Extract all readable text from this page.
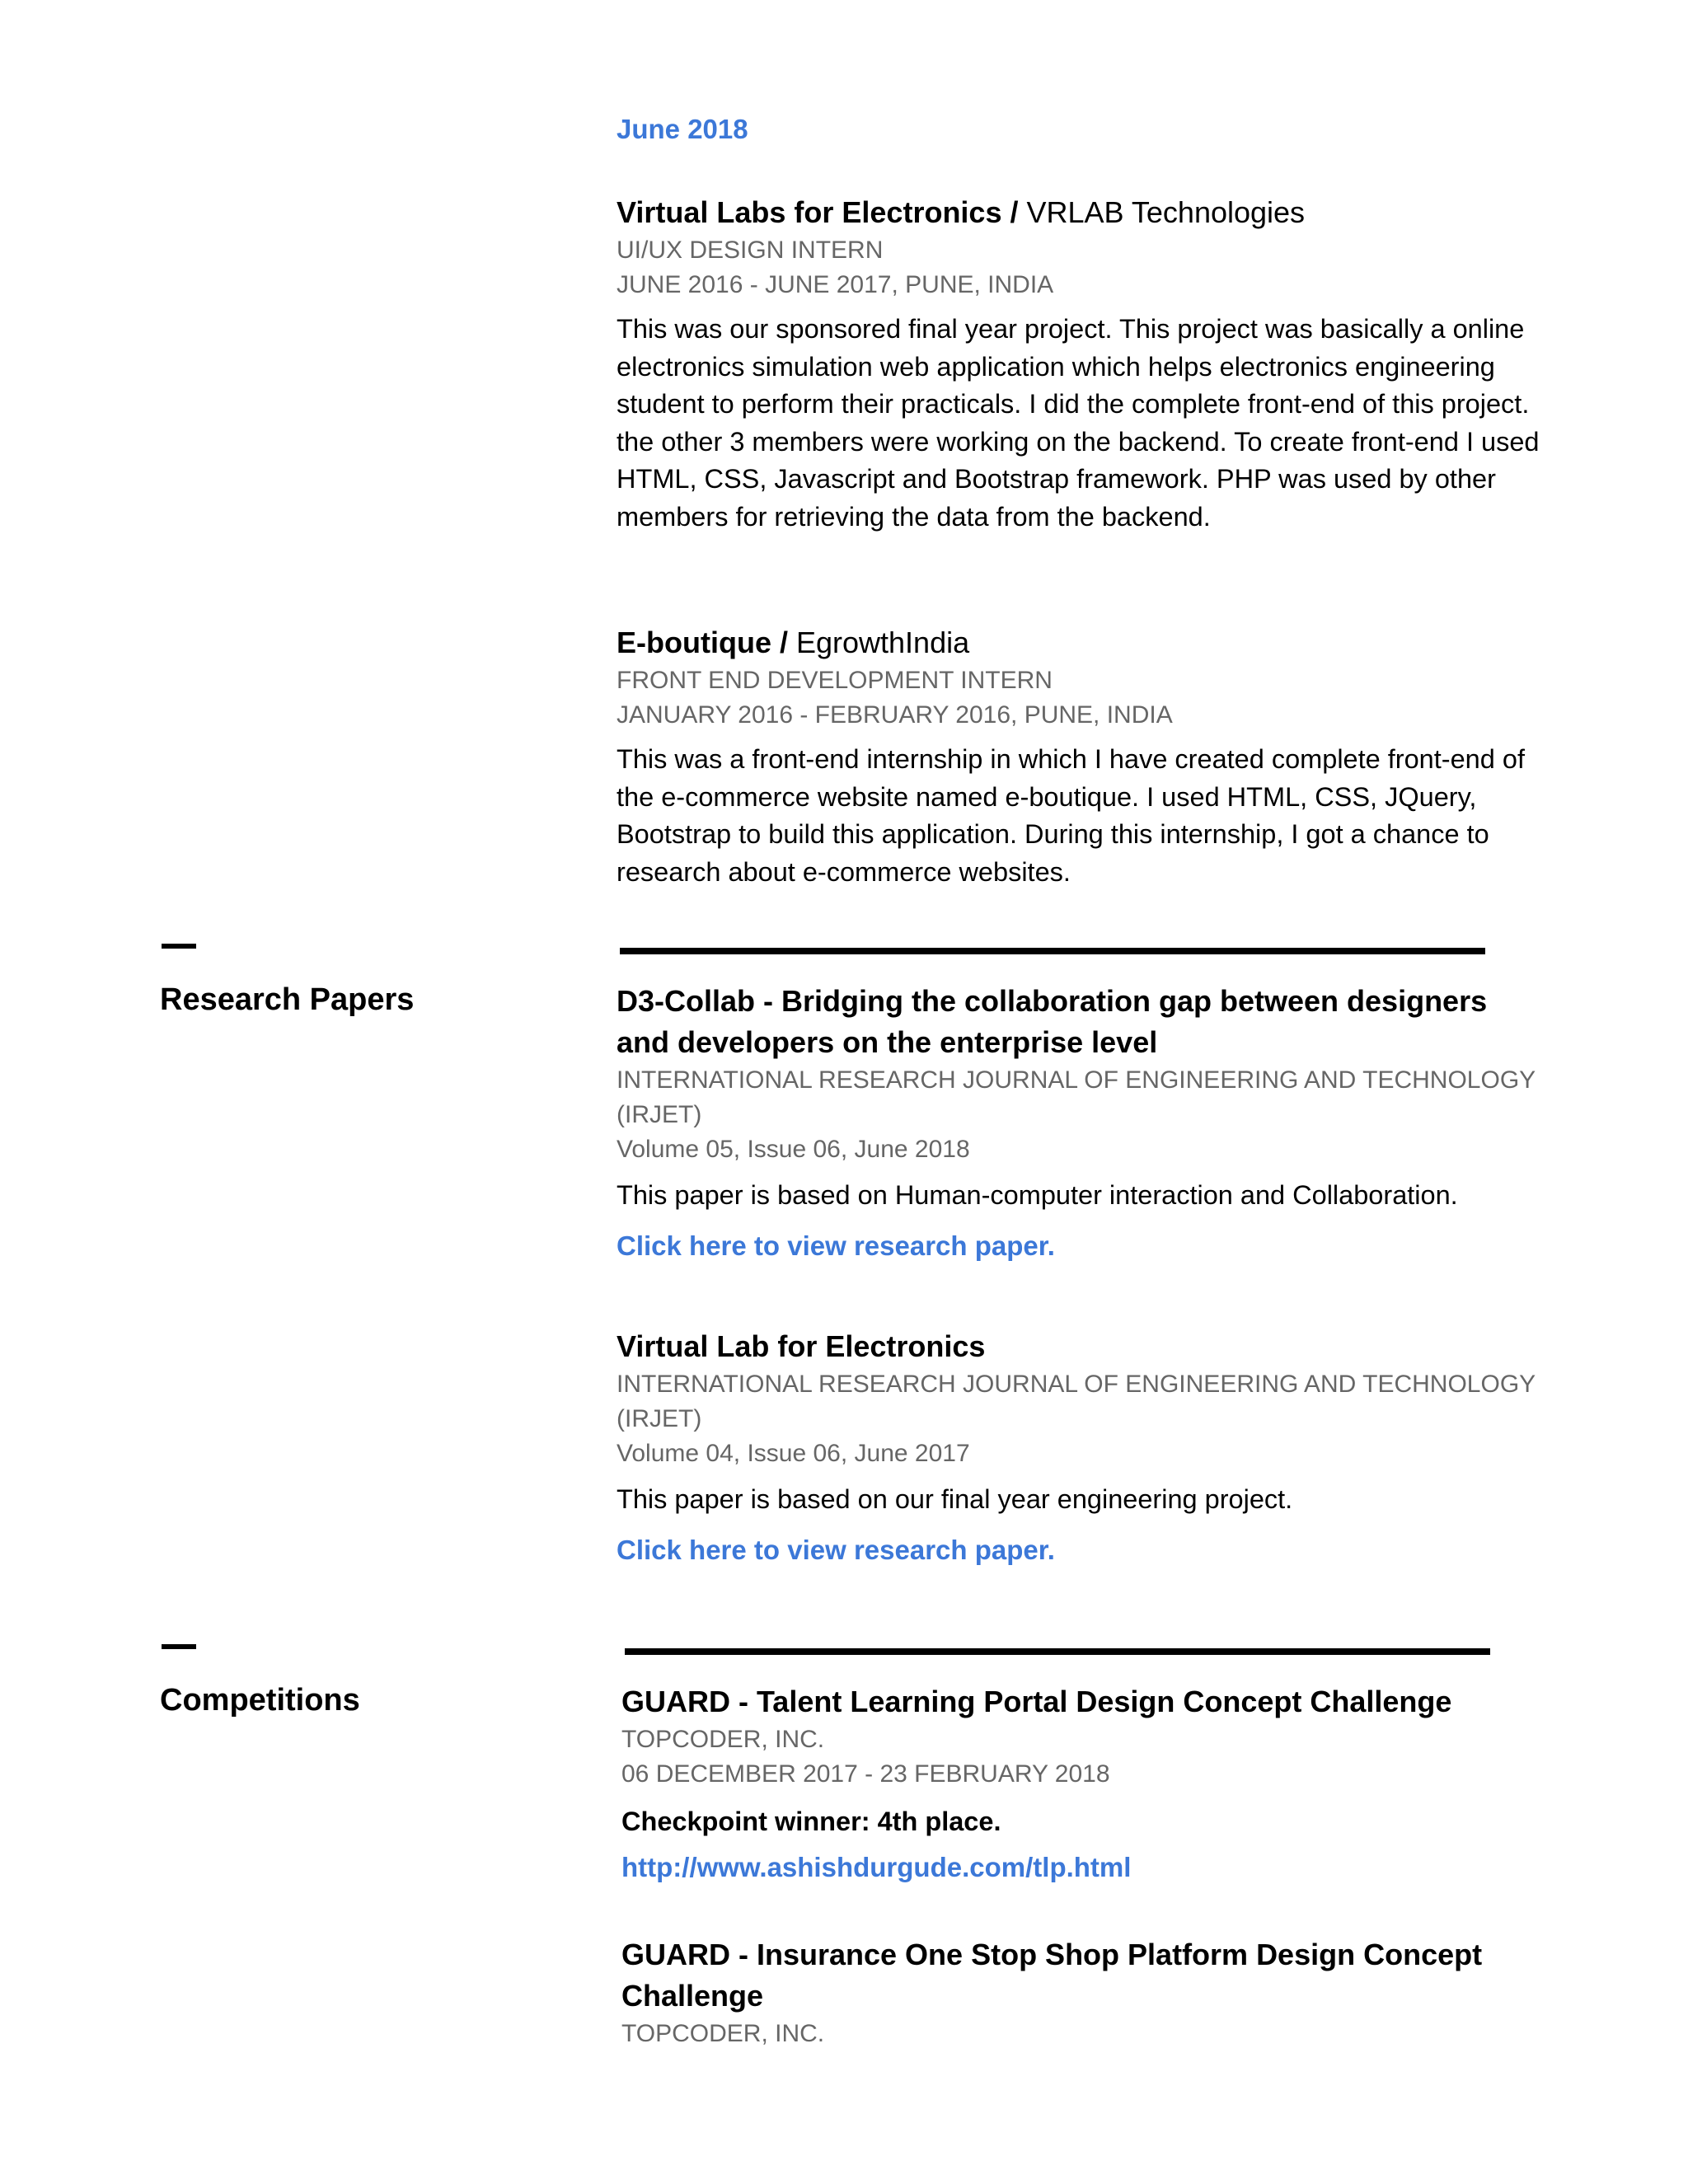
June 2018
Virtual Labs for Electronics / VRLAB Technologies
UI/UX DESIGN INTERN
JUNE 2016 - JUNE 2017, PUNE, INDIA
This was our sponsored final year project. This project was basically a online electronics simulation web application which helps electronics engineering student to perform their practicals. I did the complete front-end of this project. the other 3 members were working on the backend. To create front-end I used HTML, CSS, Javascript and Bootstrap framework. PHP was used by other members for retrieving the data from the backend.
E-boutique / EgrowthIndia
FRONT END DEVELOPMENT INTERN
JANUARY 2016 - FEBRUARY 2016, PUNE, INDIA
This was a front-end internship in which I have created complete front-end of the e-commerce website named e-boutique. I used HTML, CSS, JQuery, Bootstrap to build this application. During this internship, I got a chance to research about e-commerce websites.
Research Papers	D3-Collab - Bridging the collaboration gap between designers and developers on the enterprise level
INTERNATIONAL RESEARCH JOURNAL OF ENGINEERING AND TECHNOLOGY (IRJET)
Volume 05, Issue 06, June 2018
This paper is based on Human-computer interaction and Collaboration.
Click here to view research paper.
Virtual Lab for Electronics
INTERNATIONAL RESEARCH JOURNAL OF ENGINEERING AND TECHNOLOGY (IRJET)
Volume 04, Issue 06, June 2017
This paper is based on our final year engineering project.
Click here to view research paper.
Competitions	GUARD - Talent Learning Portal Design Concept Challenge
TOPCODER, INC.
06 DECEMBER 2017 - 23 FEBRUARY 2018
Checkpoint winner: 4th place.
http://www.ashishdurgude.com/tlp.html
GUARD - Insurance One Stop Shop Platform Design Concept Challenge
TOPCODER, INC.
